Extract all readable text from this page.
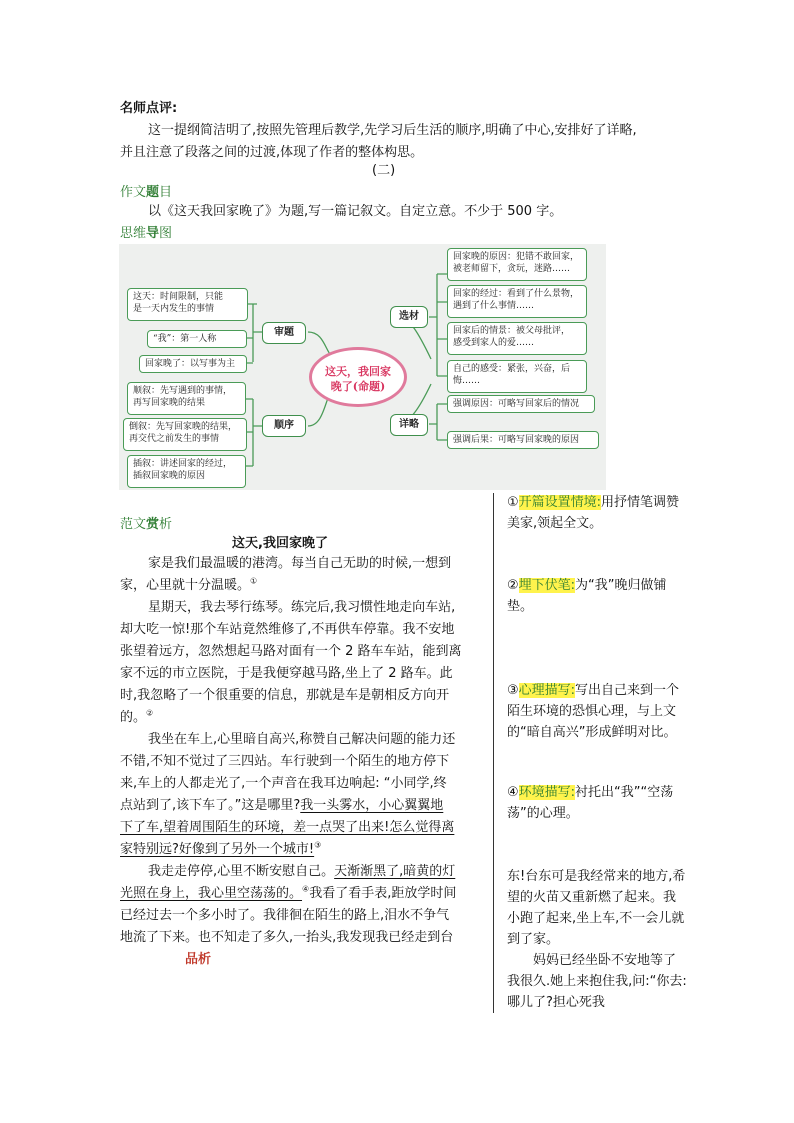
名师点评:
这一提纲简洁明了,按照先管理后教学,先学习后生活的顺序,明确了中心,安排好了详略,
并且注意了段落之间的过渡,体现了作者的整体构思。
(二)
作文题目
以《这天我回家晚了》为题,写一篇记叙文。自定立意。不少于 500 字。
思维导图
这天，我回家
晚了(命题)
审题
顺序
选材
详略
这天：时间限制，只能
是一天内发生的事情
“我”：第一人称
回家晚了：以写事为主
顺叙：先写遇到的事情，
再写回家晚的结果
倒叙：先写回家晚的结果，
再交代之前发生的事情
插叙：讲述回家的经过，
插叙回家晚的原因
回家晚的原因：犯错不敢回家，
被老师留下，贪玩，迷路……
回家的经过：看到了什么景物，
遇到了什么事情……
回家后的情景：被父母批评，
感受到家人的爱……
自己的感受：紧张，兴奋，后
悔……
强调原因：可略写回家后的情况
强调后果：可略写回家晚的原因
范文赏析
这天,我回家晚了
家是我们最温暖的港湾。每当自己无助的时候,一想到
家，心里就十分温暖。①
星期天，我去琴行练琴。练完后,我习惯性地走向车站,
却大吃一惊!那个车站竟然维修了,不再供车停靠。我不安地
张望着远方，忽然想起马路对面有一个 2 路车车站，能到离
家不远的市立医院，于是我便穿越马路,坐上了 2 路车。此
时,我忽略了一个很重要的信息，那就是车是朝相反方向开
的。②
我坐在车上,心里暗自高兴,称赞自己解决问题的能力还
不错,不知不觉过了三四站。车行驶到一个陌生的地方停下
来,车上的人都走光了,一个声音在我耳边响起: “小同学,终
点站到了,该下车了。”这是哪里?我一头雾水，小心翼翼地
下了车,望着周围陌生的环境，差一点哭了出来!怎么觉得离
家特别远?好像到了另外一个城市!③
我走走停停,心里不断安慰自己。天渐渐黑了,暗黄的灯
光照在身上，我心里空荡荡的。④我看了看手表,距放学时间
已经过去一个多小时了。我徘徊在陌生的路上,泪水不争气
地流了下来。也不知走了多久,一抬头,我发现我已经走到台
品析
①开篇设置情境:用抒情笔调赞美家,领起全文。
②埋下伏笔:为“我”晚归做铺垫。
③心理描写:写出自己来到一个陌生环境的恐惧心理，与上文的“暗自高兴”形成鲜明对比。
④环境描写:衬托出“我”“空荡荡”的心理。
东!台东可是我经常来的地方,希望的火苗又重新燃了起来。我小跑了起来,坐上车,不一会儿就到了家。
妈妈已经坐卧不安地等了我很久.她上来抱住我,问:“你去:哪儿了?担心死我
